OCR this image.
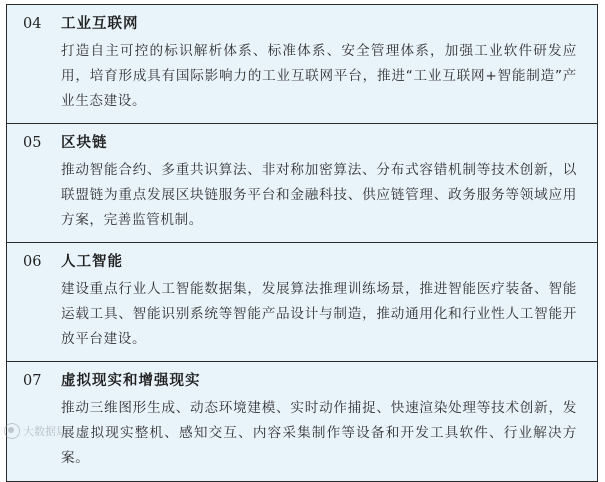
04	工业互联网
打造自主可控的标识解析体系、标准体系、安全管理体系，加强工业软件研发应用，培育形成具有国际影响力的工业互联网平台，推进“工业互联网+智能制造”产业生态建设。
05	区块链
推动智能合约、多重共识算法、非对称加密算法、分布式容错机制等技术创新，以联盟链为重点发展区块链服务平台和金融科技、供应链管理、政务服务等领域应用方案，完善监管机制。
06	人工智能
建设重点行业人工智能数据集，发展算法推理训练场景，推进智能医疗装备、智能运载工具、智能识别系统等智能产品设计与制造，推动通用化和行业性人工智能开放平台建设。
07	虚拟现实和增强现实
推动三维图形生成、动态环境建模、实时动作捕捉、快速渲染处理等技术创新，发展虚拟现实整机、感知交互、内容采集制作等设备和开发工具软件、行业解决方案。
大数据局
